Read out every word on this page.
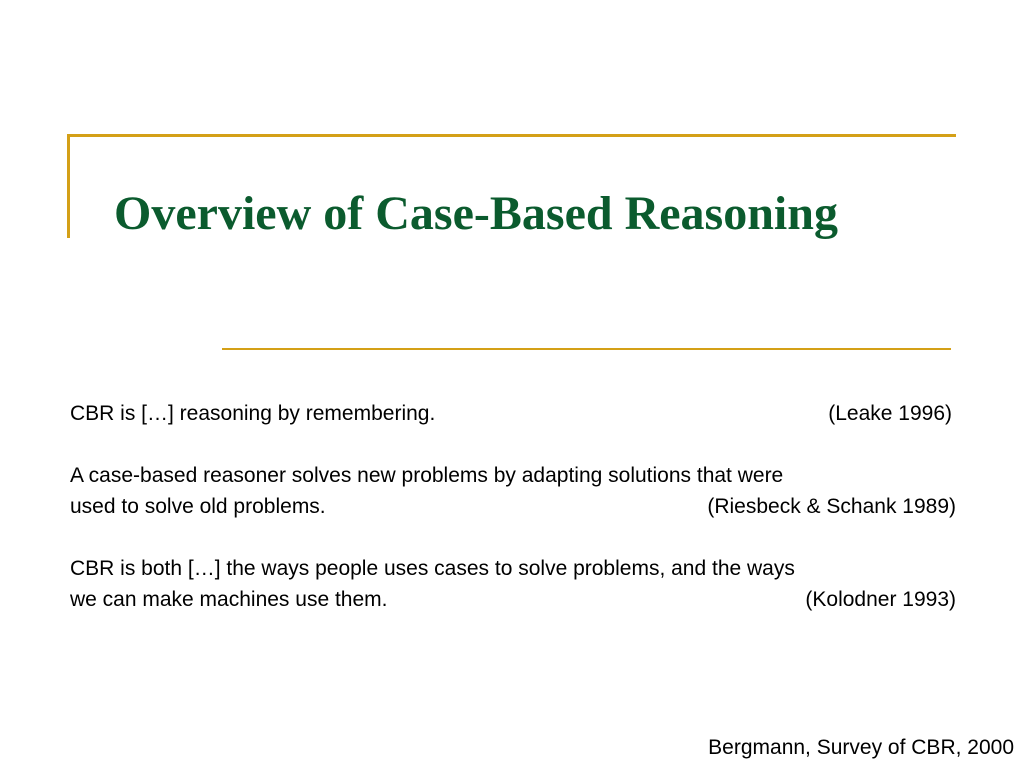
Overview of Case-Based Reasoning
CBR is […] reasoning by remembering.	(Leake 1996)
A case-based reasoner solves new problems by adapting solutions that were
used to solve old problems.	(Riesbeck & Schank 1989)
CBR is both […] the ways people uses cases to solve problems, and the ways
we can make machines use them.	(Kolodner 1993)
Bergmann, Survey of CBR, 2000
